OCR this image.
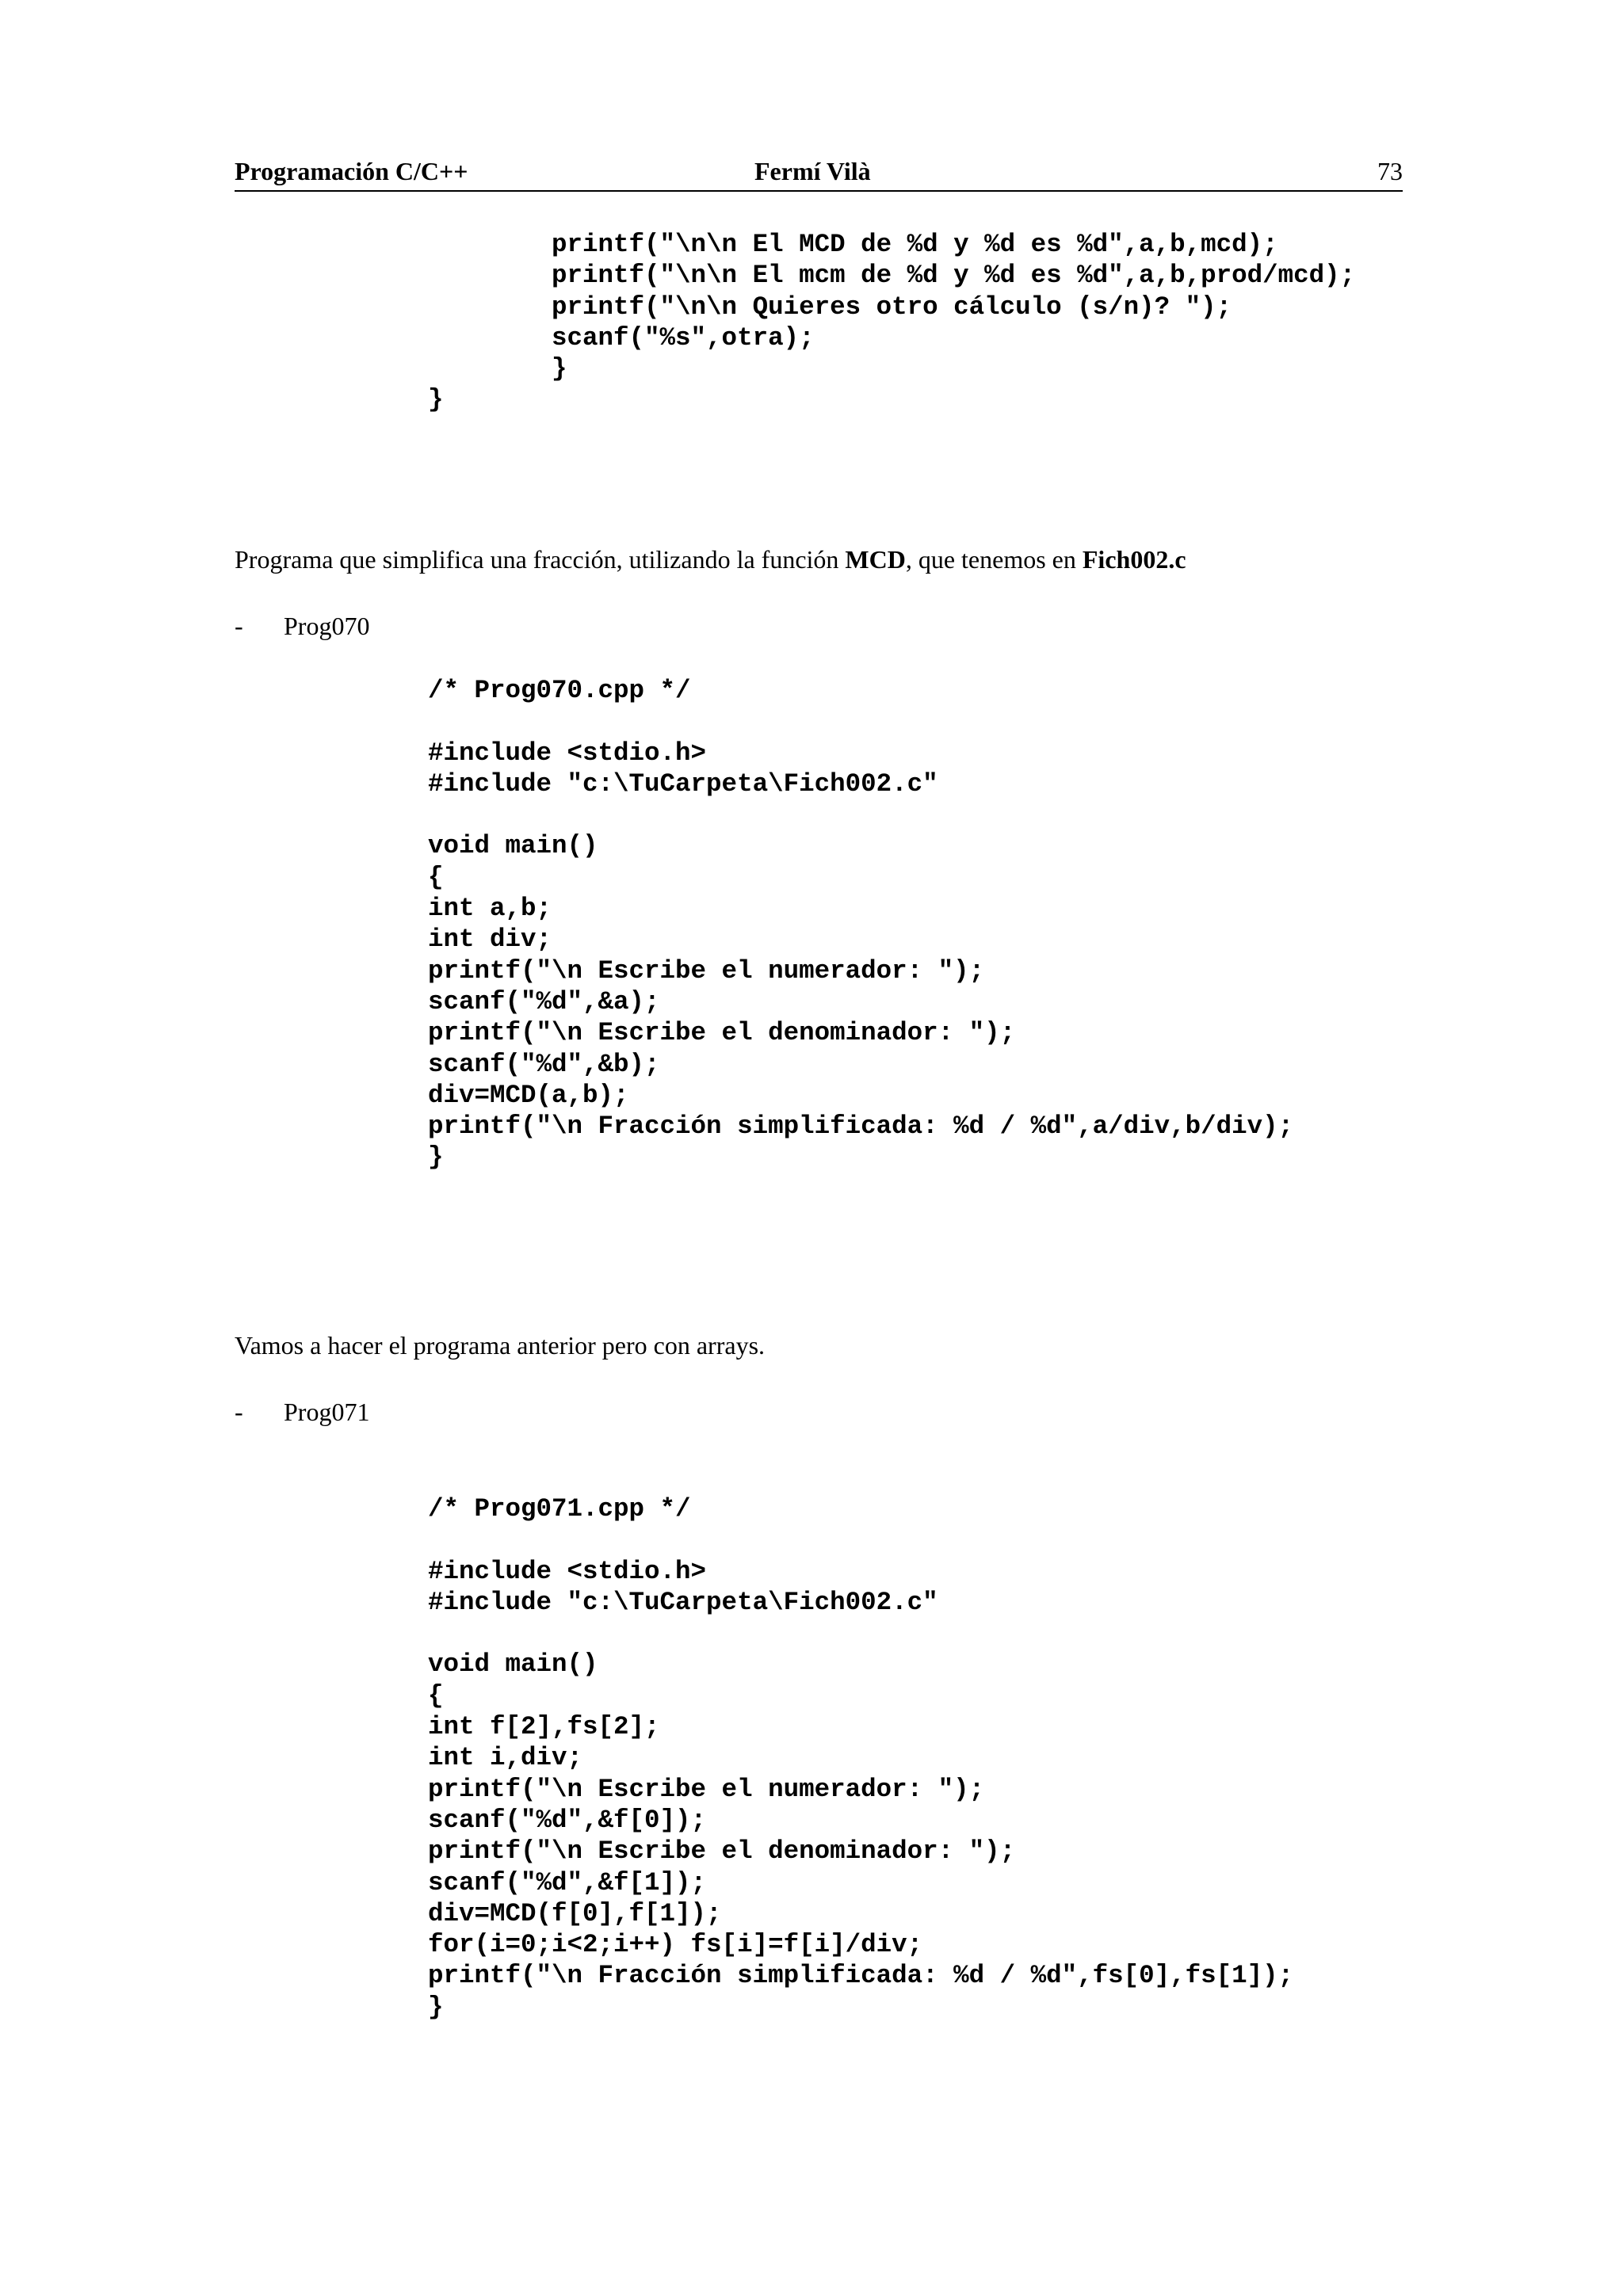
Programación C/C++	Fermí Vilà	73
printf("\n\n El MCD de %d y %d es %d",a,b,mcd);
printf("\n\n El mcm de %d y %d es %d",a,b,prod/mcd);
printf("\n\n Quieres otro cálculo (s/n)? ");
scanf("%s",otra);
}
}
Programa que simplifica una fracción, utilizando la función MCD, que tenemos en Fich002.c
- Prog070
/* Prog070.cpp */
#include <stdio.h>
#include "c:\TuCarpeta\Fich002.c"
void main()
{
int a,b;
int div;
printf("\n Escribe el numerador: ");
scanf("%d",&a);
printf("\n Escribe el denominador: ");
scanf("%d",&b);
div=MCD(a,b);
printf("\n Fracción simplificada: %d / %d",a/div,b/div);
}
Vamos a hacer el programa anterior pero con arrays.
- Prog071
/* Prog071.cpp */
#include <stdio.h>
#include "c:\TuCarpeta\Fich002.c"
void main()
{
int f[2],fs[2];
int i,div;
printf("\n Escribe el numerador: ");
scanf("%d",&f[0]);
printf("\n Escribe el denominador: ");
scanf("%d",&f[1]);
div=MCD(f[0],f[1]);
for(i=0;i<2;i++) fs[i]=f[i]/div;
printf("\n Fracción simplificada: %d / %d",fs[0],fs[1]);
}
